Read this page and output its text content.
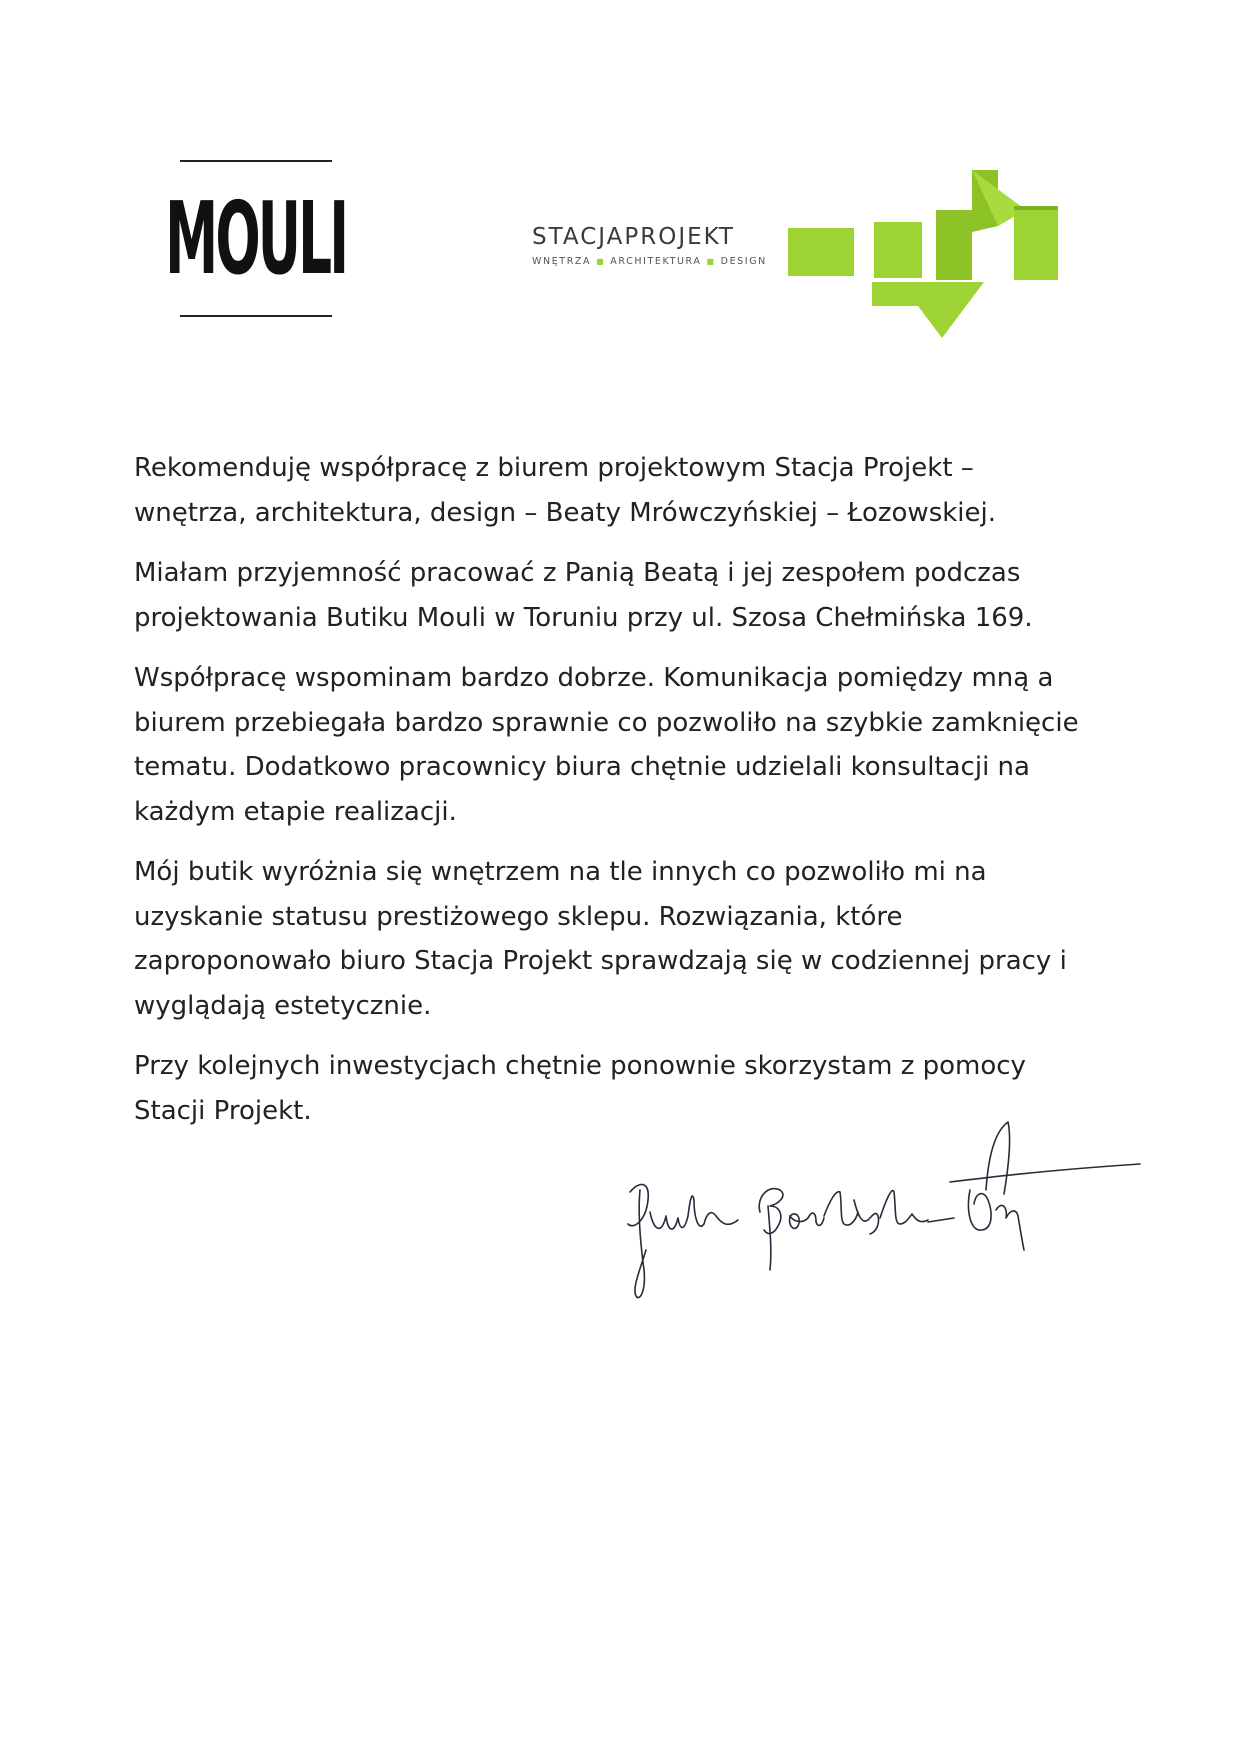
MOULI	STACJAPROJEKT
WNĘTRZA ■ ARCHITEKTURA ■ DESIGN

Rekomenduję współpracę z biurem projektowym Stacja Projekt – wnętrza, architektura, design – Beaty Mrówczyńskiej – Łozowskiej.

Miałam przyjemność pracować z Panią Beatą i jej zespołem podczas projektowania Butiku Mouli w Toruniu przy ul. Szosa Chełmińska 169.

Współpracę wspominam bardzo dobrze. Komunikacja pomiędzy mną a biurem przebiegała bardzo sprawnie co pozwoliło na szybkie zamknięcie tematu. Dodatkowo pracownicy biura chętnie udzielali konsultacji na każdym etapie realizacji.

Mój butik wyróżnia się wnętrzem na tle innych co pozwoliło mi na uzyskanie statusu prestiżowego sklepu. Rozwiązania, które zaproponowało biuro Stacja Projekt sprawdzają się w codziennej pracy i wyglądają estetycznie.

Przy kolejnych inwestycjach chętnie ponownie skorzystam z pomocy Stacji Projekt.
